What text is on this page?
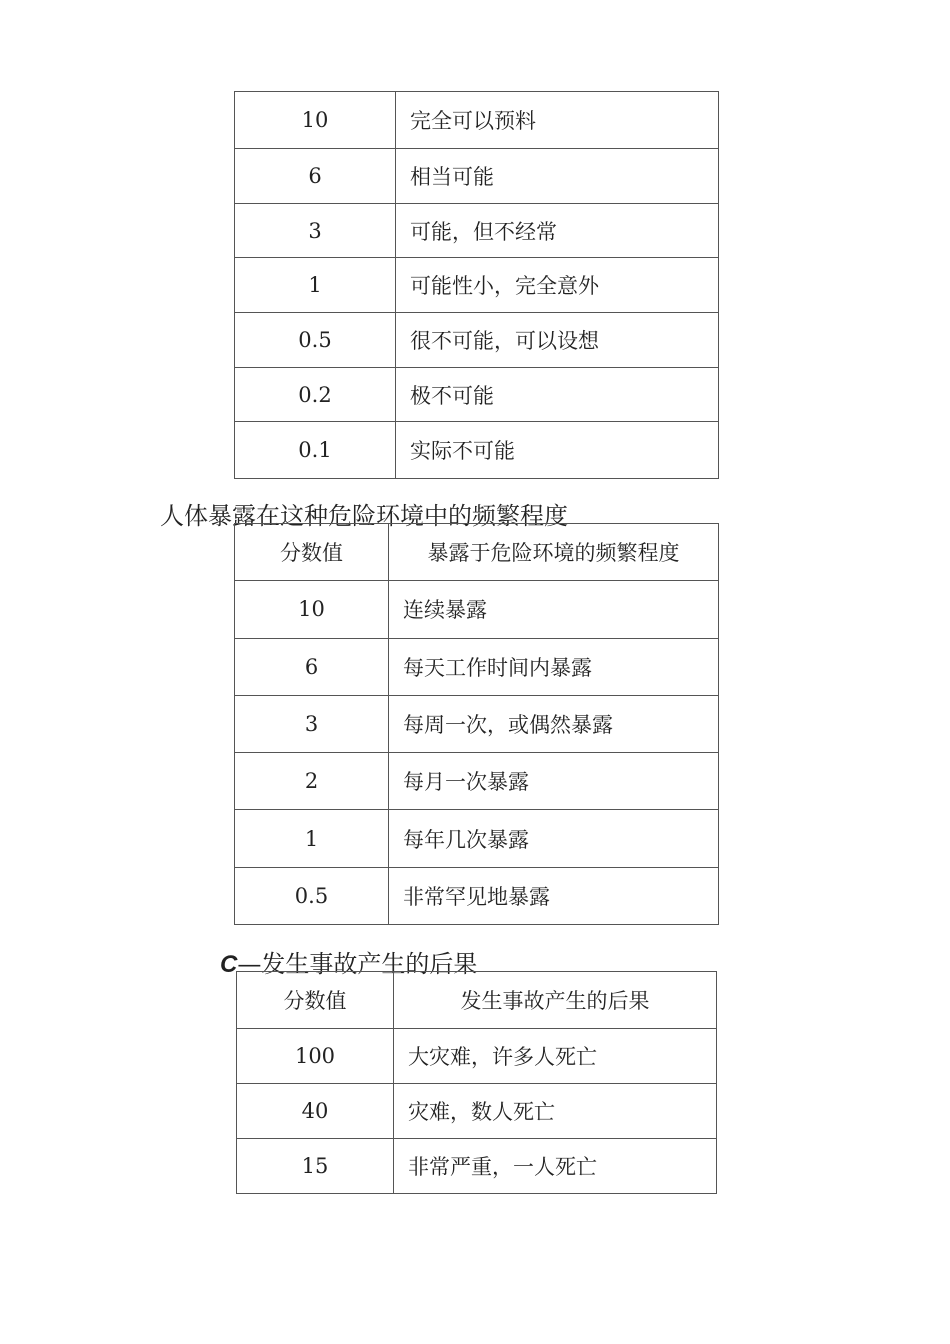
10	完全可以预料
6	相当可能
3	可能，但不经常
1	可能性小，完全意外
0.5	很不可能，可以设想
0.2	极不可能
0.1	实际不可能
人体暴露在这种危险环境中的频繁程度
分数值	暴露于危险环境的频繁程度
10	连续暴露
6	每天工作时间内暴露
3	每周一次，或偶然暴露
2	每月一次暴露
1	每年几次暴露
0.5	非常罕见地暴露
C—发生事故产生的后果
分数值	发生事故产生的后果
100	大灾难，许多人死亡
40	灾难，数人死亡
15	非常严重，一人死亡
